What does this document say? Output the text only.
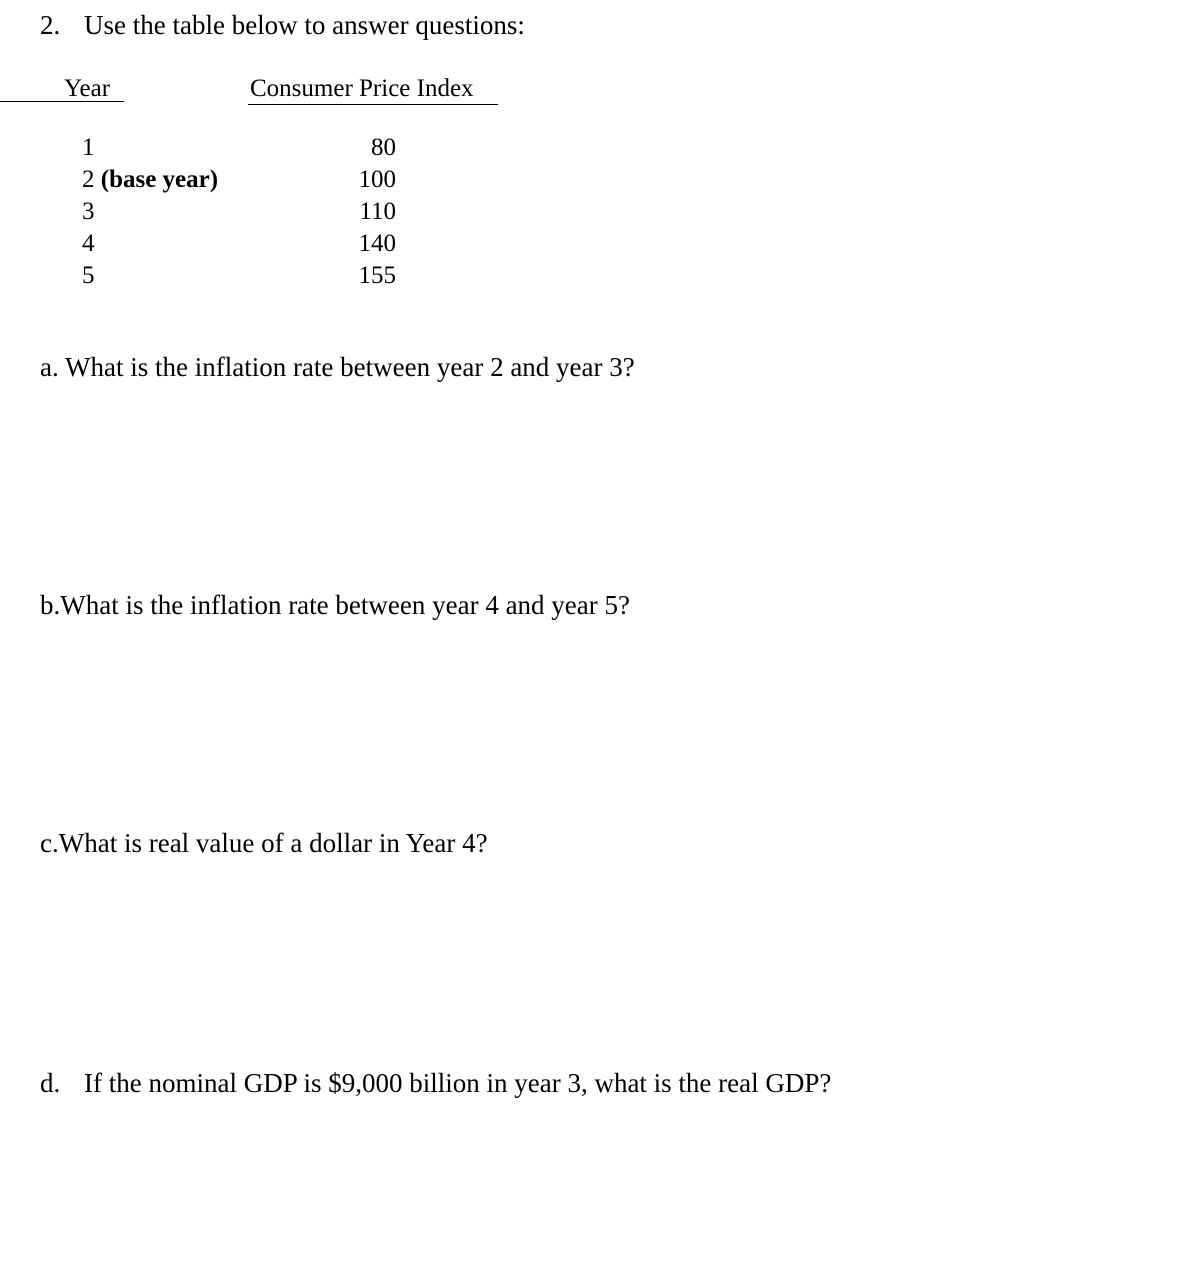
2. Use the table below to answer questions:
Year	Consumer Price Index
1	80
2 (base year)	100
3	110
4	140
5	155
a. What is the inflation rate between year 2 and year 3?
b.What is the inflation rate between year 4 and year 5?
c.What is real value of a dollar in Year 4?
d. If the nominal GDP is $9,000 billion in year 3, what is the real GDP?
